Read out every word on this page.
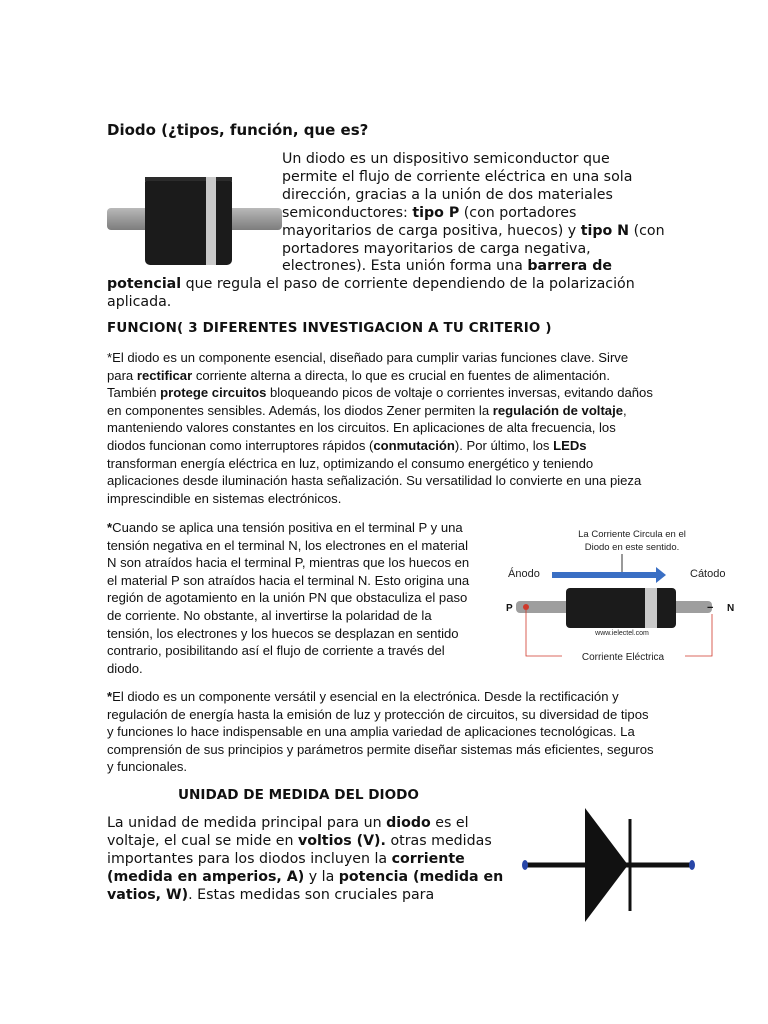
Diodo (¿tipos, función, que es?
Un diodo es un dispositivo semiconductor que permite el flujo de corriente eléctrica en una sola dirección, gracias a la unión de dos materiales semiconductores: tipo P (con portadores mayoritarios de carga positiva, huecos) y tipo N (con portadores mayoritarios de carga negativa, electrones). Esta unión forma una barrera de potencial que regula el paso de corriente dependiendo de la polarización aplicada.
FUNCION( 3 DIFERENTES INVESTIGACION A TU CRITERIO )
*El diodo es un componente esencial, diseñado para cumplir varias funciones clave. Sirve para rectificar corriente alterna a directa, lo que es crucial en fuentes de alimentación. También protege circuitos bloqueando picos de voltaje o corrientes inversas, evitando daños en componentes sensibles. Además, los diodos Zener permiten la regulación de voltaje, manteniendo valores constantes en los circuitos. En aplicaciones de alta frecuencia, los diodos funcionan como interruptores rápidos (conmutación). Por último, los LEDs transforman energía eléctrica en luz, optimizando el consumo energético y teniendo aplicaciones desde iluminación hasta señalización. Su versatilidad lo convierte en una pieza imprescindible en sistemas electrónicos.
*Cuando se aplica una tensión positiva en el terminal P y una tensión negativa en el terminal N, los electrones en el material N son atraídos hacia el terminal P, mientras que los huecos en el material P son atraídos hacia el terminal N. Esto origina una región de agotamiento en la unión PN que obstaculiza el paso de corriente. No obstante, al invertirse la polaridad de la tensión, los electrones y los huecos se desplazan en sentido contrario, posibilitando así el flujo de corriente a través del diodo.
La Corriente Circula en el
Diodo en este sentido.
Ánodo	Cátodo
P	− N
www.ielectel.com
Corriente Eléctrica
*El diodo es un componente versátil y esencial en la electrónica. Desde la rectificación y regulación de energía hasta la emisión de luz y protección de circuitos, su diversidad de tipos y funciones lo hace indispensable en una amplia variedad de aplicaciones tecnológicas. La comprensión de sus principios y parámetros permite diseñar sistemas más eficientes, seguros y funcionales.
UNIDAD DE MEDIDA DEL DIODO
La unidad de medida principal para un diodo es el voltaje, el cual se mide en voltios (V). otras medidas importantes para los diodos incluyen la corriente (medida en amperios, A) y la potencia (medida en vatios, W). Estas medidas son cruciales para
